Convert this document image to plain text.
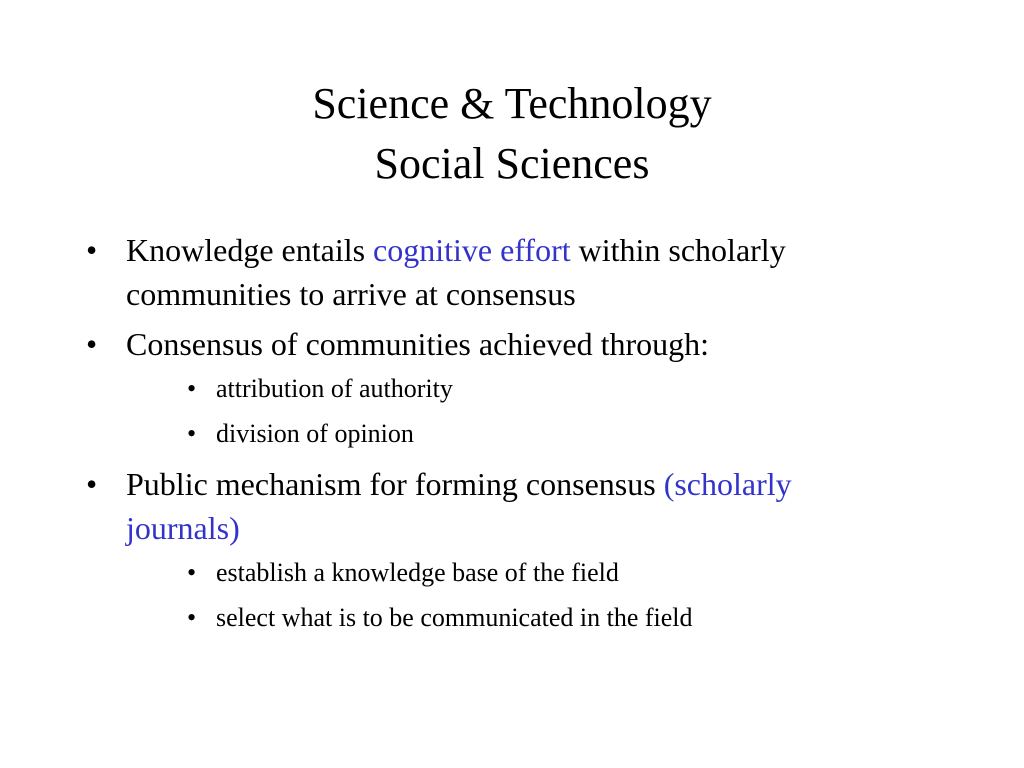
Science & Technology
Social Sciences
• Knowledge entails cognitive effort within scholarly communities to arrive at consensus
• Consensus of communities achieved through:
• attribution of authority
• division of opinion
• Public mechanism for forming consensus (scholarly journals)
• establish a knowledge base of the field
• select what is to be communicated in the field
